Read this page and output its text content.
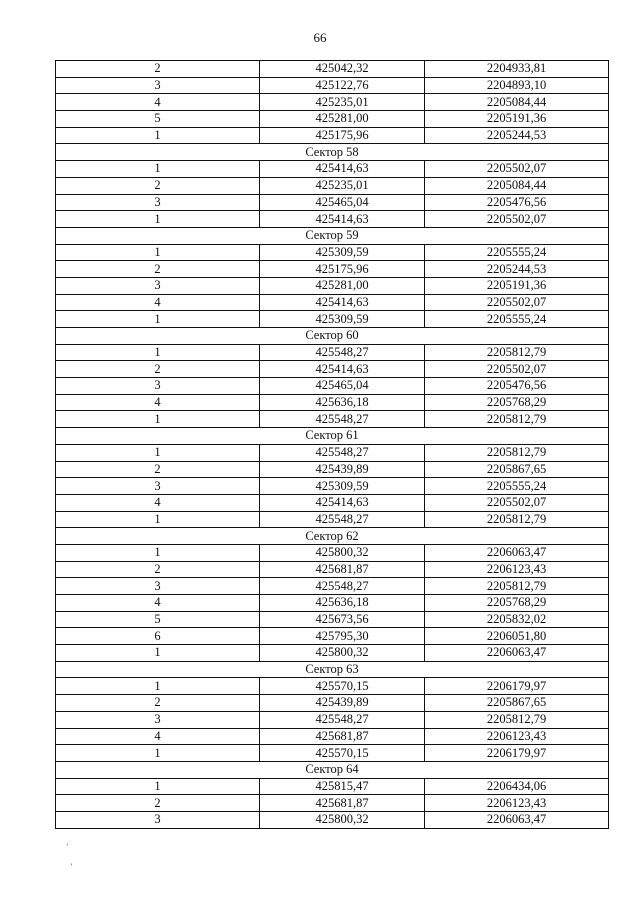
66
2	425042,32	2204933,81
3	425122,76	2204893,10
4	425235,01	2205084,44
5	425281,00	2205191,36
1	425175,96	2205244,53
Сектор 58		
1	425414,63	2205502,07
2	425235,01	2205084,44
3	425465,04	2205476,56
1	425414,63	2205502,07
Сектор 59		
1	425309,59	2205555,24
2	425175,96	2205244,53
3	425281,00	2205191,36
4	425414,63	2205502,07
1	425309,59	2205555,24
Сектор 60		
1	425548,27	2205812,79
2	425414,63	2205502,07
3	425465,04	2205476,56
4	425636,18	2205768,29
1	425548,27	2205812,79
Сектор 61		
1	425548,27	2205812,79
2	425439,89	2205867,65
3	425309,59	2205555,24
4	425414,63	2205502,07
1	425548,27	2205812,79
Сектор 62		
1	425800,32	2206063,47
2	425681,87	2206123,43
3	425548,27	2205812,79
4	425636,18	2205768,29
5	425673,56	2205832,02
6	425795,30	2206051,80
1	425800,32	2206063,47
Сектор 63		
1	425570,15	2206179,97
2	425439,89	2205867,65
3	425548,27	2205812,79
4	425681,87	2206123,43
1	425570,15	2206179,97
Сектор 64		
1	425815,47	2206434,06
2	425681,87	2206123,43
3	425800,32	2206063,47
ʼ
ʼ
